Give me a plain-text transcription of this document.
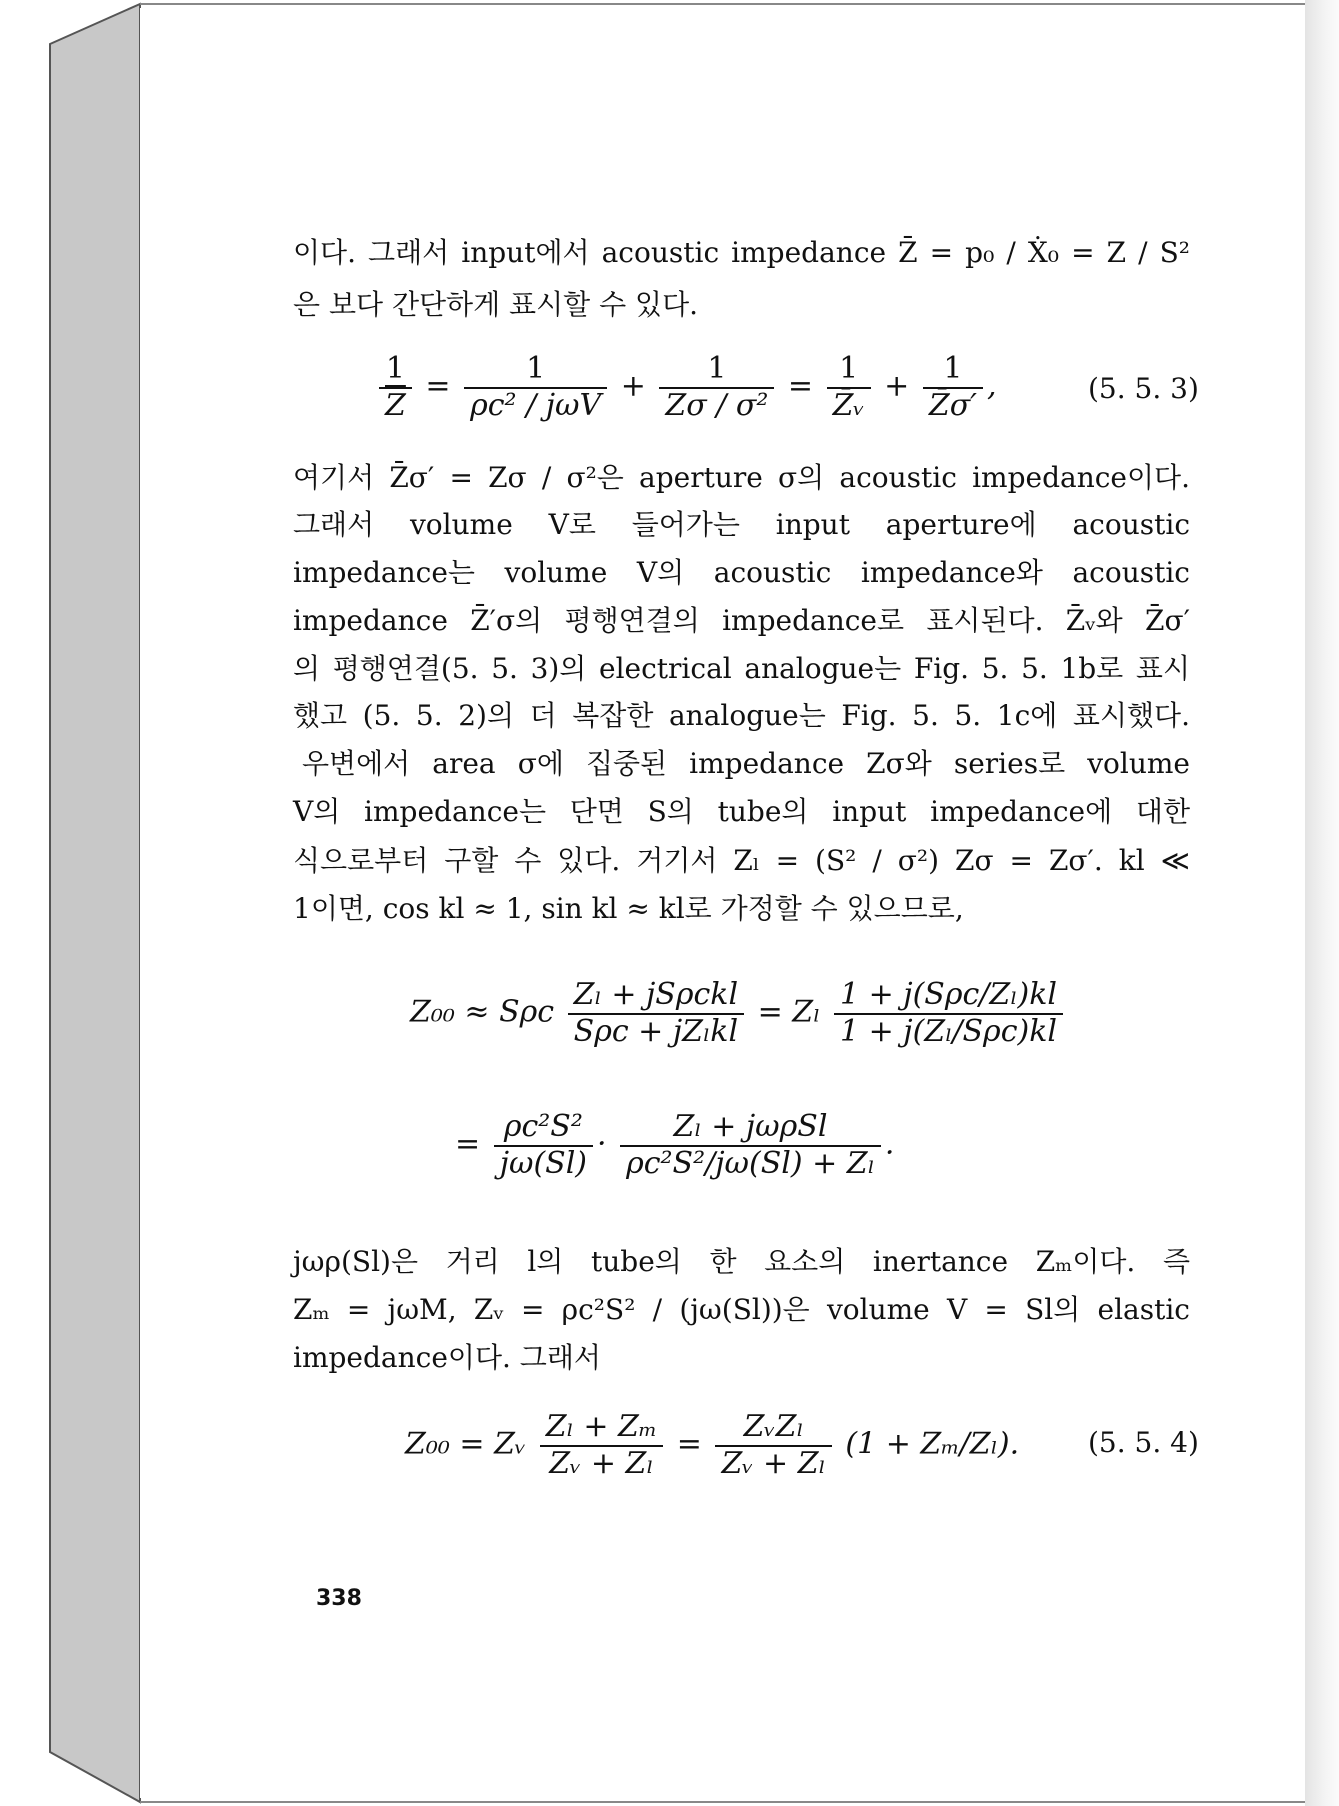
이다. 그래서 input에서 acoustic impedance Z̄ = p₀ / Ẋ₀ = Z / S²
은 보다 간단하게 표시할 수 있다.
$\frac{1}{Z} = \frac{1}{\text{ρc² / jωV}} + \frac{1}{\text{Zσ / σ²}} = \frac{1}{\text{Z̄ᵥ}} + \frac{1}{Z̄\sigma'}$ ,	(5. 5. 3)
여기서 Z̄σ′ = Zσ / σ²은 aperture σ의 acoustic impedance이다.
그래서 volume V로 들어가는 input aperture에 acoustic
impedance는 volume V의 acoustic impedance와 acoustic
impedance Z̄′σ의 평행연결의 impedance로 표시된다. Z̄ᵥ와 Z̄σ′
의 평행연결(5. 5. 3)의 electrical analogue는 Fig. 5. 5. 1b로 표시
했고 (5. 5. 2)의 더 복잡한 analogue는 Fig. 5. 5. 1c에 표시했다.
우변에서 area σ에 집중된 impedance Zσ와 series로 volume
V의 impedance는 단면 S의 tube의 input impedance에 대한
식으로부터 구할 수 있다. 거기서 Zₗ = (S² / σ²) Zσ = Zσ′. kl ≪
1이면, cos kl ≈ 1, sin kl ≈ kl로 가정할 수 있으므로,
Z₀₀ ≈ Sρc $\frac{\text{Zₗ + jSρckl}}{\text{Sρc + jZₗkl}} = Z_l \frac{\text{1 + j(Sρc/Zₗ)kl}}{\text{1 + j(Zₗ/Sρc)kl}}$
= $\frac{\text{ρc²S²}}{j\omega(Sl)} \cdot \frac{\text{Zₗ + jωρSl}}{\text{ρc²S²/jω(Sl) + Zₗ}}$ .
jωρ(Sl)은 거리 l의 tube의 한 요소의 inertance Zₘ이다. 즉
Zₘ = jωM, Zᵥ = ρc²S² / (jω(Sl))은 volume V = Sl의 elastic
impedance이다. 그래서
Z₀₀ = Zᵥ $\frac{\text{Zₗ + Zₘ}}{\text{Zᵥ + Zₗ}} = \frac{\text{ZᵥZₗ}}{\text{Zᵥ + Zₗ}} (1 + Z_m/Z_l)$. (5. 5. 4)
338
